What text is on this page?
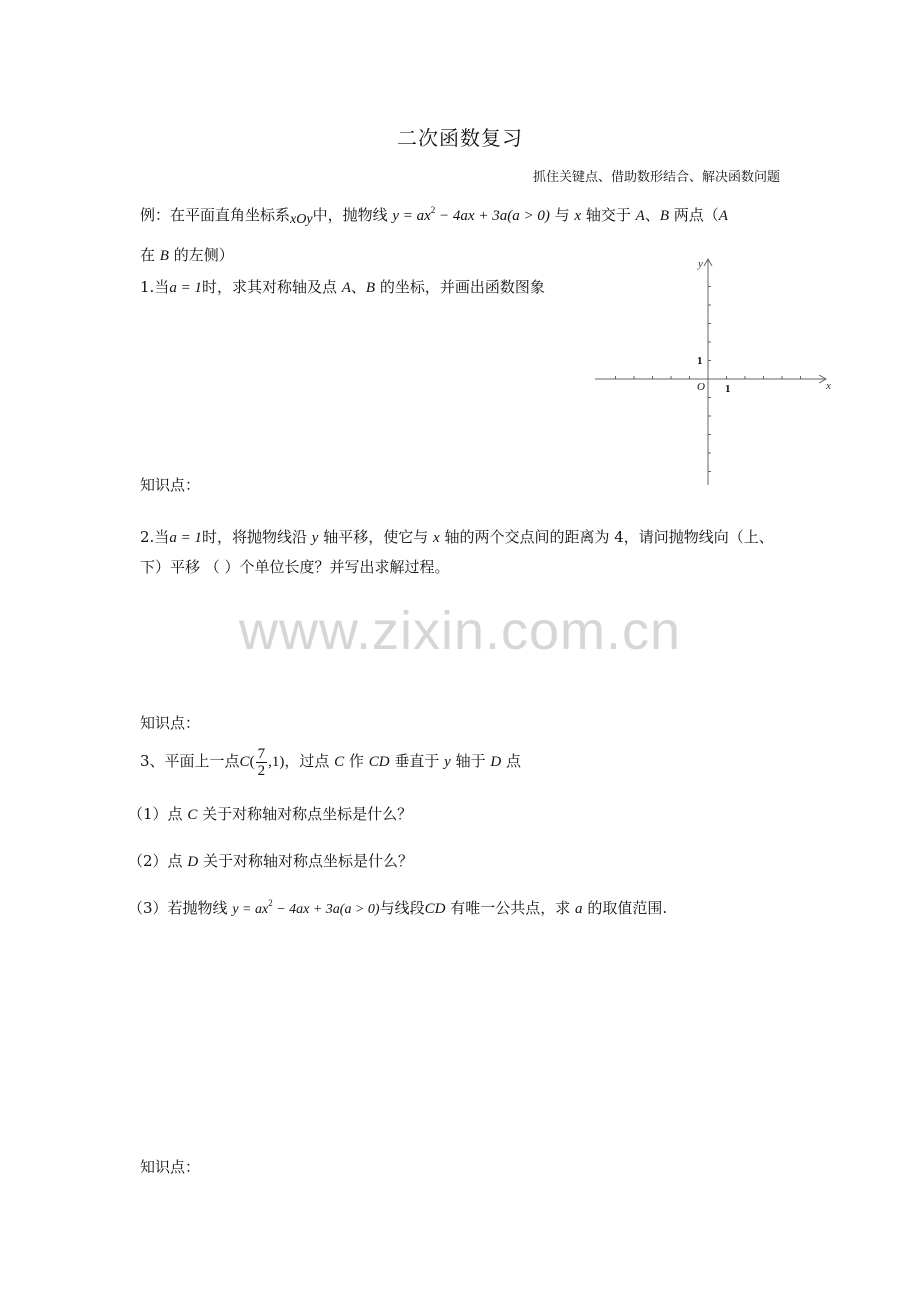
二次函数复习
抓住关键点、借助数形结合、解决函数问题
例：在平面直角坐标系xOy中，抛物线 $y = ax^2 - 4ax + 3a(a > 0)$ 与 x 轴交于 A、B 两点（A
在 B 的左侧）
1.当a = 1时，求其对称轴及点 A、B 的坐标，并画出函数图象
x
y
O 1
1
知识点：
2.当a = 1时，将抛物线沿 y 轴平移，使它与 x 轴的两个交点间的距离为 4，请问抛物线向（上、
下）平移 （ ）个单位长度？并写出求解过程。
www.zixin.com.cn
知识点：
3、平面上一点$C( \frac{7}{2} ,1)$，过点 C 作 CD 垂直于 y 轴于 D 点
（1）点 C 关于对称轴对称点坐标是什么？
（2）点 D 关于对称轴对称点坐标是什么？
（3）若抛物线 $y = ax^2 - 4ax + 3a(a > 0)$与线段CD 有唯一公共点，求 a 的取值范围.
知识点：
